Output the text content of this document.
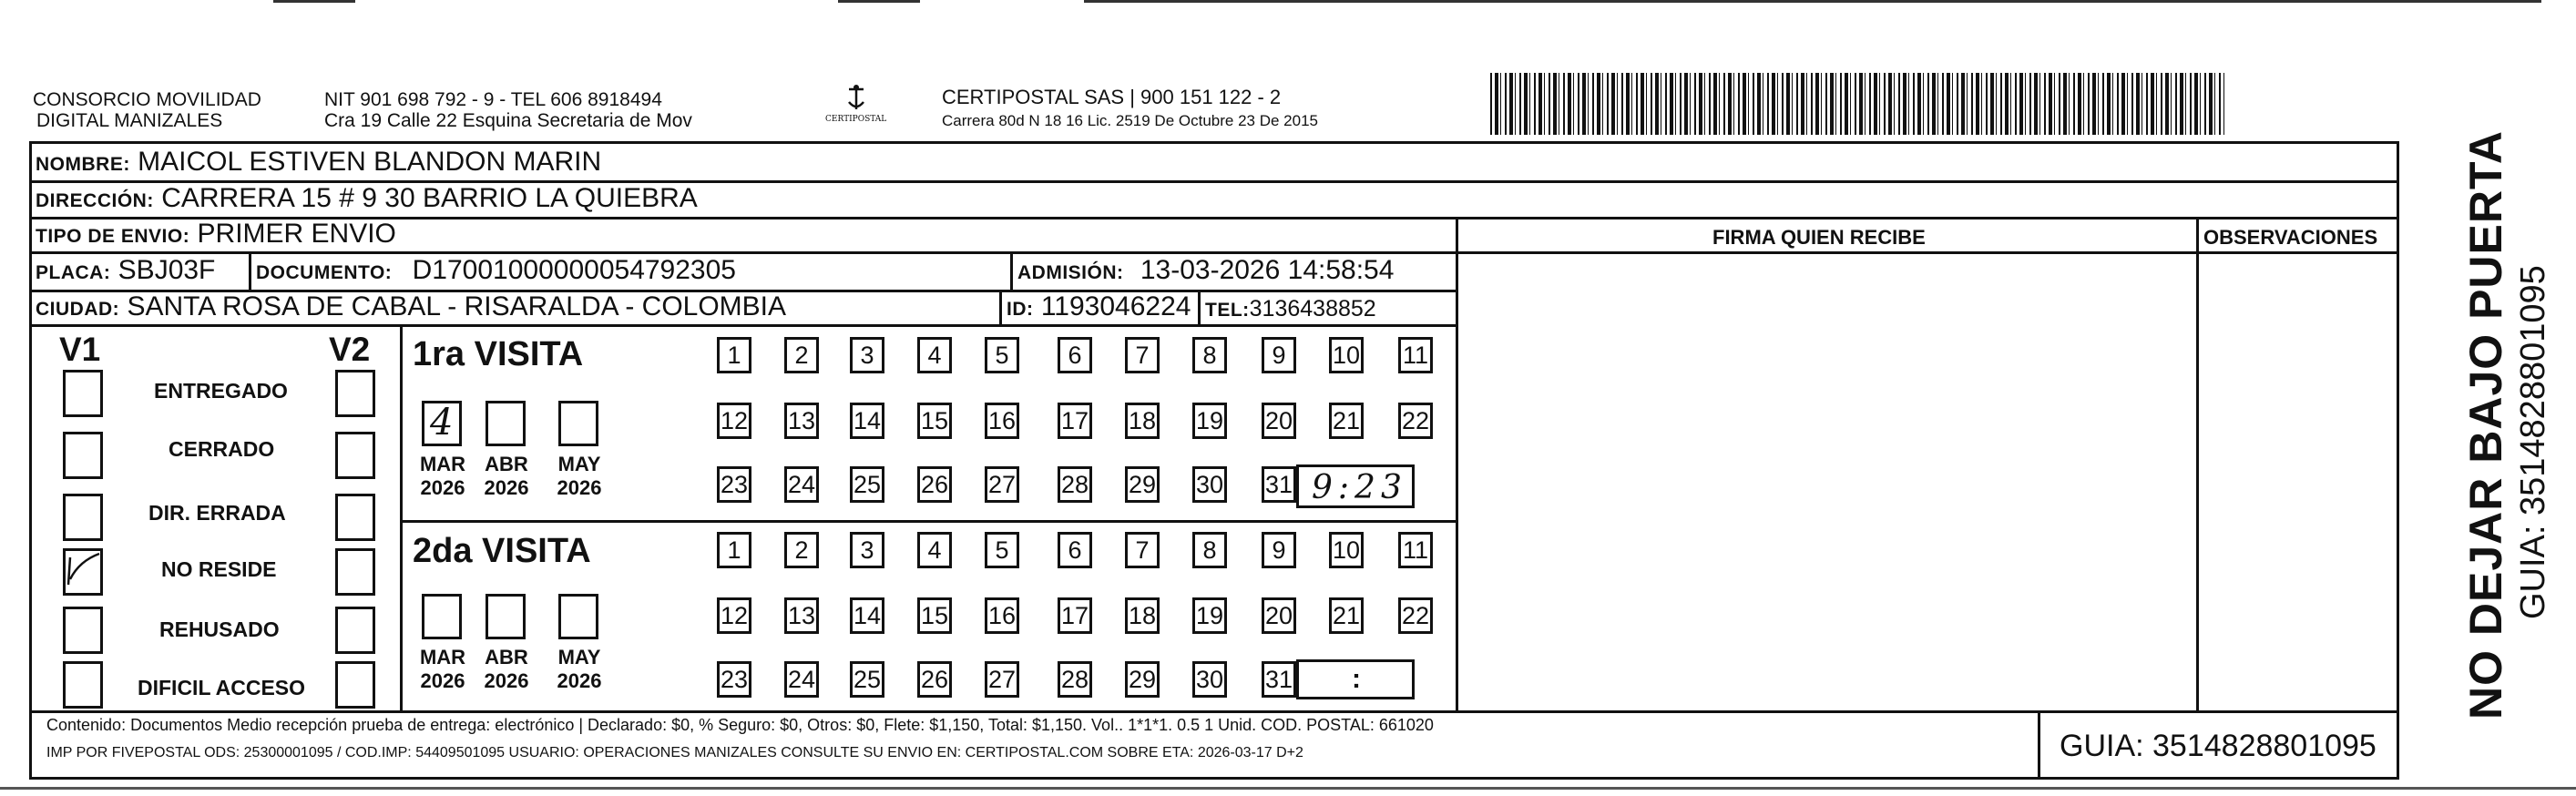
CONSORCIO MOVILIDAD
DIGITAL MANIZALES
NIT 901 698 792 - 9 - TEL 606 8918494
Cra 19 Calle 22 Esquina Secretaria de Mov	CERTIPOSTAL
CERTIPOSTAL SAS | 900 151 122 - 2
Carrera 80d N 18 16 Lic. 2519 De Octubre 23 De 2015
NOMBRE: MAICOL ESTIVEN BLANDON MARIN
DIRECCIÓN: CARRERA 15 # 9 30 BARRIO LA QUIEBRA
TIPO DE ENVIO: PRIMER ENVIO	FIRMA QUIEN RECIBE	OBSERVACIONES
PLACA: SBJ03F DOCUMENTO: D17001000000054792305	ADMISIÓN: 13-03-2026 14:58:54
CIUDAD: SANTA ROSA DE CABAL - RISARALDA - COLOMBIA	ID: 1193046224 TEL:3136438852
V1	V2
ENTREGADO
CERRADO
DIR. ERRADA
NO RESIDE
REHUSADO
DIFICIL ACCESO
1ra VISITA
4
MAR ABR	MAY
2026 2026 2026
1	2	3	4	5	6	7	8	9	10 11
12 13 14 15 16 17 18 19 20 21 22
23 24 25 26 27 28 29 30 31 9:23
2da VISITA
MAR ABR	MAY
2026 2026 2026
1	2	3	4	5	6	7	8	9	10 11
12 13 14 15 16 17 18 19 20 21 22
23 24 25 26 27 28 29 30 31 :
Contenido: Documentos Medio recepción prueba de entrega: electrónico | Declarado: $0, % Seguro: $0, Otros: $0, Flete: $1,150, Total: $1,150. Vol.. 1*1*1. 0.5 1 Unid. COD. POSTAL: 661020
IMP POR FIVEPOSTAL ODS: 25300001095 / COD.IMP: 54409501095 USUARIO: OPERACIONES MANIZALES CONSULTE SU ENVIO EN: CERTIPOSTAL.COM SOBRE ETA: 2026-03-17 D+2	GUIA: 3514828801095
NO DEJAR BAJO PUERTA GUIA: 3514828801095
